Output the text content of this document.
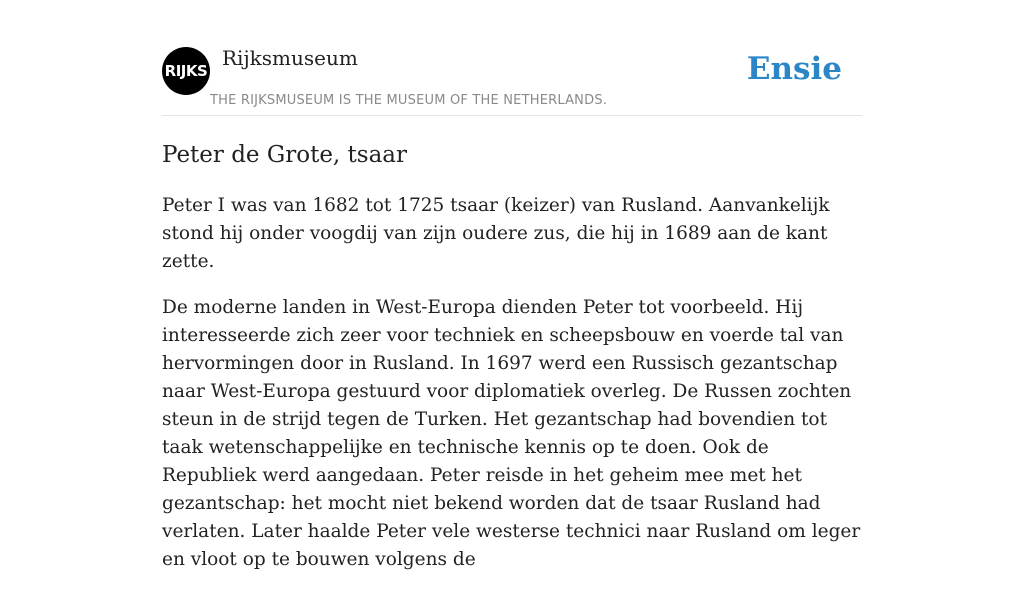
RIJKS
Rijksmuseum
THE RIJKSMUSEUM IS THE MUSEUM OF THE NETHERLANDS.
Ensie
Peter de Grote, tsaar

Peter I was van 1682 tot 1725 tsaar (keizer) van Rusland. Aanvankelijk stond hij onder voogdij van zijn oudere zus, die hij in 1689 aan de kant zette.

De moderne landen in West-Europa dienden Peter tot voorbeeld. Hij interesseerde zich zeer voor techniek en scheepsbouw en voerde tal van hervormingen door in Rusland. In 1697 werd een Russisch gezantschap naar West-Europa gestuurd voor diplomatiek overleg. De Russen zochten steun in de strijd tegen de Turken. Het gezantschap had bovendien tot taak wetenschappelijke en technische kennis op te doen. Ook de Republiek werd aangedaan. Peter reisde in het geheim mee met het gezantschap: het mocht niet bekend worden dat de tsaar Rusland had verlaten. Later haalde Peter vele westerse technici naar Rusland om leger en vloot op te bouwen volgens de
